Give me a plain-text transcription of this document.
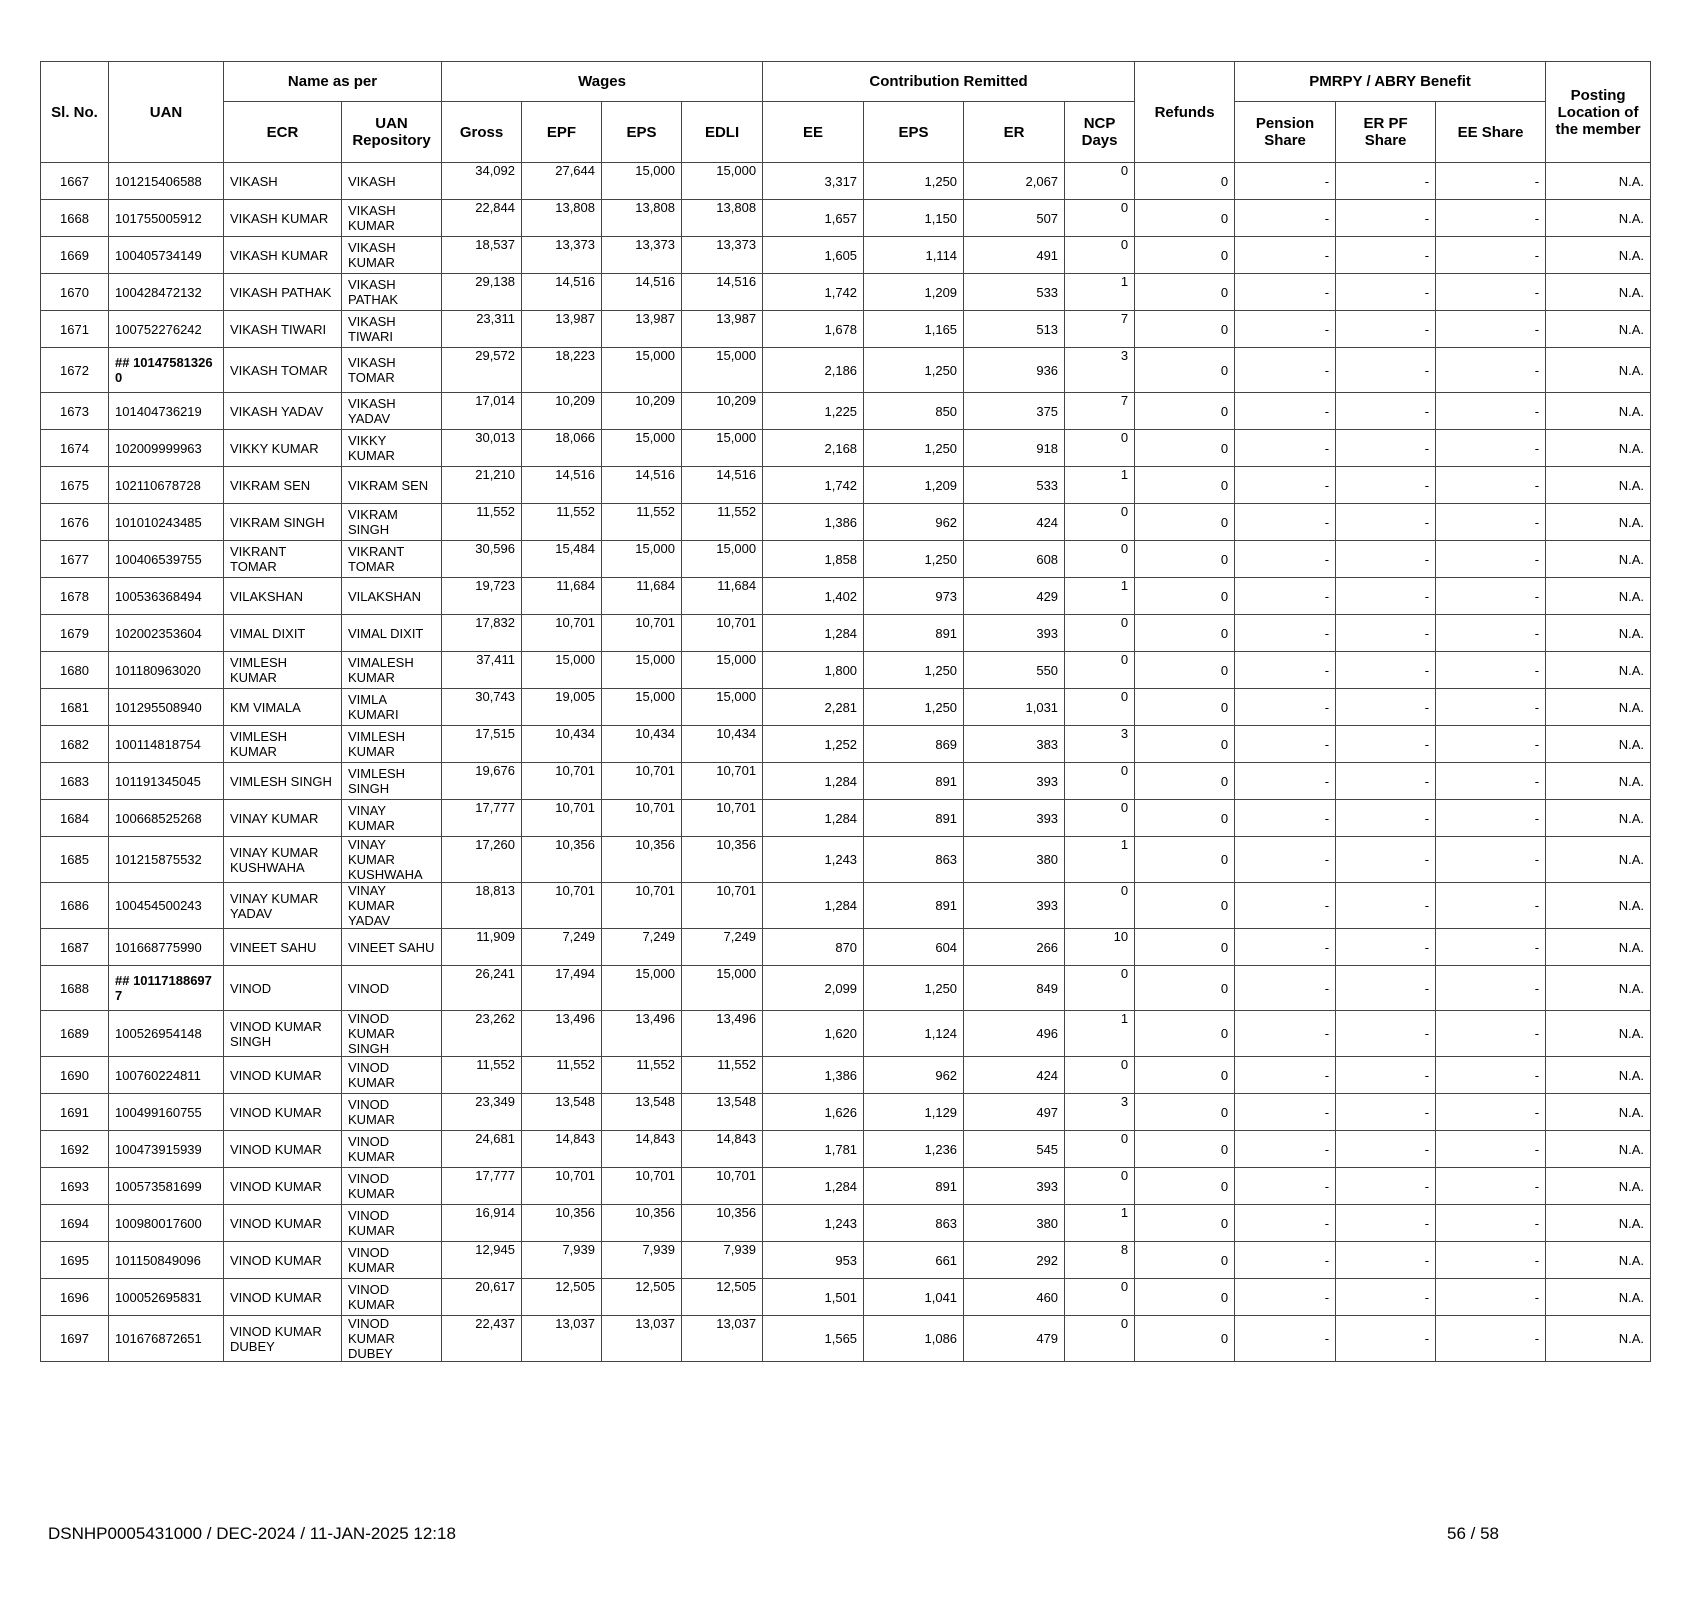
Sl. No.	UAN	Name as per		Wages				Contribution Remitted				Refunds	PMRPY / ABRY Benefit			Posting Location of the member
		ECR	UAN Repository	Gross	EPF	EPS	EDLI	EE	EPS	ER	NCP Days		Pension Share	ER PF Share	EE Share	
1667	101215406588	VIKASH	VIKASH	34,092	27,644	15,000	15,000	3,317	1,250	2,067	0	0	-	-	-	N.A.
1668	101755005912	VIKASH KUMAR	VIKASH KUMAR	22,844	13,808	13,808	13,808	1,657	1,150	507	0	0	-	-	-	N.A.
1669	100405734149	VIKASH KUMAR	VIKASH KUMAR	18,537	13,373	13,373	13,373	1,605	1,114	491	0	0	-	-	-	N.A.
1670	100428472132	VIKASH PATHAK	VIKASH PATHAK	29,138	14,516	14,516	14,516	1,742	1,209	533	1	0	-	-	-	N.A.
1671	100752276242	VIKASH TIWARI	VIKASH TIWARI	23,311	13,987	13,987	13,987	1,678	1,165	513	7	0	-	-	-	N.A.
1672	## 10147581326 0	VIKASH TOMAR	VIKASH TOMAR	29,572	18,223	15,000	15,000	2,186	1,250	936	3	0	-	-	-	N.A.
1673	101404736219	VIKASH YADAV	VIKASH YADAV	17,014	10,209	10,209	10,209	1,225	850	375	7	0	-	-	-	N.A.
1674	102009999963	VIKKY KUMAR	VIKKY KUMAR	30,013	18,066	15,000	15,000	2,168	1,250	918	0	0	-	-	-	N.A.
1675	102110678728	VIKRAM SEN	VIKRAM SEN	21,210	14,516	14,516	14,516	1,742	1,209	533	1	0	-	-	-	N.A.
1676	101010243485	VIKRAM SINGH	VIKRAM SINGH	11,552	11,552	11,552	11,552	1,386	962	424	0	0	-	-	-	N.A.
1677	100406539755	VIKRANT TOMAR	VIKRANT TOMAR	30,596	15,484	15,000	15,000	1,858	1,250	608	0	0	-	-	-	N.A.
1678	100536368494	VILAKSHAN	VILAKSHAN	19,723	11,684	11,684	11,684	1,402	973	429	1	0	-	-	-	N.A.
1679	102002353604	VIMAL DIXIT	VIMAL DIXIT	17,832	10,701	10,701	10,701	1,284	891	393	0	0	-	-	-	N.A.
1680	101180963020	VIMLESH KUMAR	VIMALESH KUMAR	37,411	15,000	15,000	15,000	1,800	1,250	550	0	0	-	-	-	N.A.
1681	101295508940	KM VIMALA	VIMLA KUMARI	30,743	19,005	15,000	15,000	2,281	1,250	1,031	0	0	-	-	-	N.A.
1682	100114818754	VIMLESH KUMAR	VIMLESH KUMAR	17,515	10,434	10,434	10,434	1,252	869	383	3	0	-	-	-	N.A.
1683	101191345045	VIMLESH SINGH	VIMLESH SINGH	19,676	10,701	10,701	10,701	1,284	891	393	0	0	-	-	-	N.A.
1684	100668525268	VINAY KUMAR	VINAY KUMAR	17,777	10,701	10,701	10,701	1,284	891	393	0	0	-	-	-	N.A.
1685	101215875532	VINAY KUMAR KUSHWAHA	VINAY KUMAR KUSHWAHA	17,260	10,356	10,356	10,356	1,243	863	380	1	0	-	-	-	N.A.
1686	100454500243	VINAY KUMAR YADAV	VINAY KUMAR YADAV	18,813	10,701	10,701	10,701	1,284	891	393	0	0	-	-	-	N.A.
1687	101668775990	VINEET SAHU	VINEET SAHU	11,909	7,249	7,249	7,249	870	604	266	10	0	-	-	-	N.A.
1688	## 10117188697 7	VINOD	VINOD	26,241	17,494	15,000	15,000	2,099	1,250	849	0	0	-	-	-	N.A.
1689	100526954148	VINOD KUMAR SINGH	VINOD KUMAR SINGH	23,262	13,496	13,496	13,496	1,620	1,124	496	1	0	-	-	-	N.A.
1690	100760224811	VINOD KUMAR	VINOD KUMAR	11,552	11,552	11,552	11,552	1,386	962	424	0	0	-	-	-	N.A.
1691	100499160755	VINOD KUMAR	VINOD KUMAR	23,349	13,548	13,548	13,548	1,626	1,129	497	3	0	-	-	-	N.A.
1692	100473915939	VINOD KUMAR	VINOD KUMAR	24,681	14,843	14,843	14,843	1,781	1,236	545	0	0	-	-	-	N.A.
1693	100573581699	VINOD KUMAR	VINOD KUMAR	17,777	10,701	10,701	10,701	1,284	891	393	0	0	-	-	-	N.A.
1694	100980017600	VINOD KUMAR	VINOD KUMAR	16,914	10,356	10,356	10,356	1,243	863	380	1	0	-	-	-	N.A.
1695	101150849096	VINOD KUMAR	VINOD KUMAR	12,945	7,939	7,939	7,939	953	661	292	8	0	-	-	-	N.A.
1696	100052695831	VINOD KUMAR	VINOD KUMAR	20,617	12,505	12,505	12,505	1,501	1,041	460	0	0	-	-	-	N.A.
1697	101676872651	VINOD KUMAR DUBEY	VINOD KUMAR DUBEY	22,437	13,037	13,037	13,037	1,565	1,086	479	0	0	-	-	-	N.A.
DSNHP0005431000 / DEC-2024 / 11-JAN-2025 12:18	56 / 58
